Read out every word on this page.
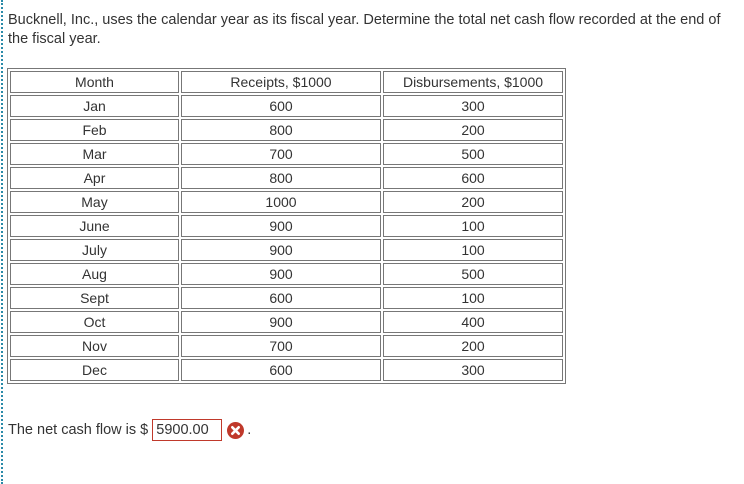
Bucknell, Inc., uses the calendar year as its fiscal year. Determine the total net cash flow recorded at the end of the fiscal year.
Month	Receipts, $1000	Disbursements, $1000
Jan	600	300
Feb	800	200
Mar	700	500
Apr	800	600
May	1000	200
June	900	100
July	900	100
Aug	900	500
Sept	600	100
Oct	900	400
Nov	700	200
Dec	600	300
The net cash flow is $ 5900.00	.
